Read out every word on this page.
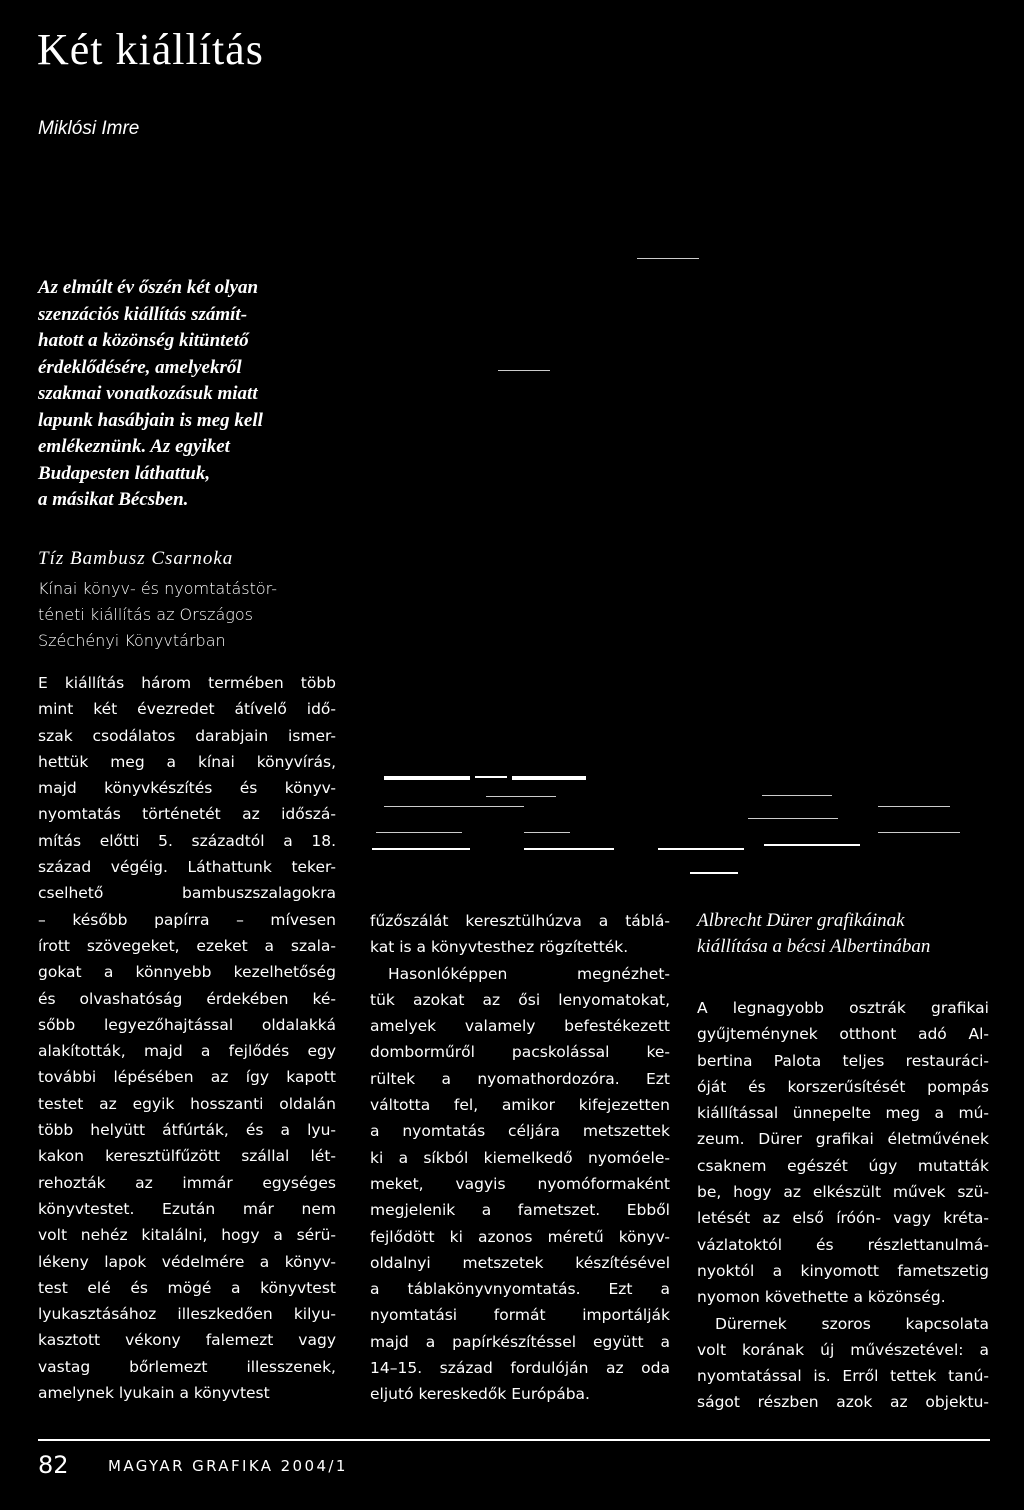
Két kiállítás
Miklósi Imre
Az elmúlt év őszén két olyan
szenzációs kiállítás számít-
hatott a közönség kitüntető
érdeklődésére, amelyekről
szakmai vonatkozásuk miatt
lapunk hasábjain is meg kell
emlékeznünk. Az egyiket
Budapesten láthattuk,
a másikat Bécsben.
Tíz Bambusz Csarnoka
Kínai könyv- és nyomtatástör-
téneti kiállítás az Országos
Széchényi Könyvtárban
E kiállítás három termében több
mint két évezredet átívelő idő-
szak csodálatos darabjain ismer-
hettük meg a kínai könyvírás,
majd könyvkészítés és könyv-
nyomtatás történetét az időszá-
mítás előtti 5. századtól a 18.
század végéig. Láthattunk teker-
cselhető bambuszszalagokra
– később papírra – mívesen
írott szövegeket, ezeket a szala-
gokat a könnyebb kezelhetőség
és olvashatóság érdekében ké-
sőbb legyezőhajtással oldalakká
alakították, majd a fejlődés egy
további lépésében az így kapott
testet az egyik hosszanti oldalán
több helyütt átfúrták, és a lyu-
kakon keresztülfűzött szállal lét-
rehozták az immár egységes
könyvtestet. Ezután már nem
volt nehéz kitalálni, hogy a sérü-
lékeny lapok védelmére a könyv-
test elé és mögé a könyvtest
lyukasztásához illeszkedően kilyu-
kasztott vékony falemezt vagy
vastag bőrlemezt illesszenek,
amelynek lyukain a könyvtest
fűzőszálát keresztülhúzva a táblá-
kat is a könyvtesthez rögzítették.
Hasonlóképpen megnézhet-
tük azokat az ősi lenyomatokat,
amelyek valamely befestékezett
domborműről pacskolással ke-
rültek a nyomathordozóra. Ezt
váltotta fel, amikor kifejezetten
a nyomtatás céljára metszettek
ki a síkból kiemelkedő nyomóele-
meket, vagyis nyomóformaként
megjelenik a fametszet. Ebből
fejlődött ki azonos méretű könyv-
oldalnyi metszetek készítésével
a táblakönyvnyomtatás. Ezt a
nyomtatási formát importálják
majd a papírkészítéssel együtt a
14–15. század fordulóján az oda
eljutó kereskedők Európába.
Albrecht Dürer grafikáinak
kiállítása a bécsi Albertinában
A legnagyobb osztrák grafikai
gyűjteménynek otthont adó Al-
bertina Palota teljes restauráci-
óját és korszerűsítését pompás
kiállítással ünnepelte meg a mú-
zeum. Dürer grafikai életművének
csaknem egészét úgy mutatták
be, hogy az elkészült művek szü-
letését az első íróón- vagy kréta-
vázlatoktól és részlettanulmá-
nyoktól a kinyomott fametszetig
nyomon követhette a közönség.
Dürernek szoros kapcsolata
volt korának új művészetével: a
nyomtatással is. Erről tettek tanú-
ságot részben azok az objektu-
82	MAGYAR GRAFIKA 2004/1
